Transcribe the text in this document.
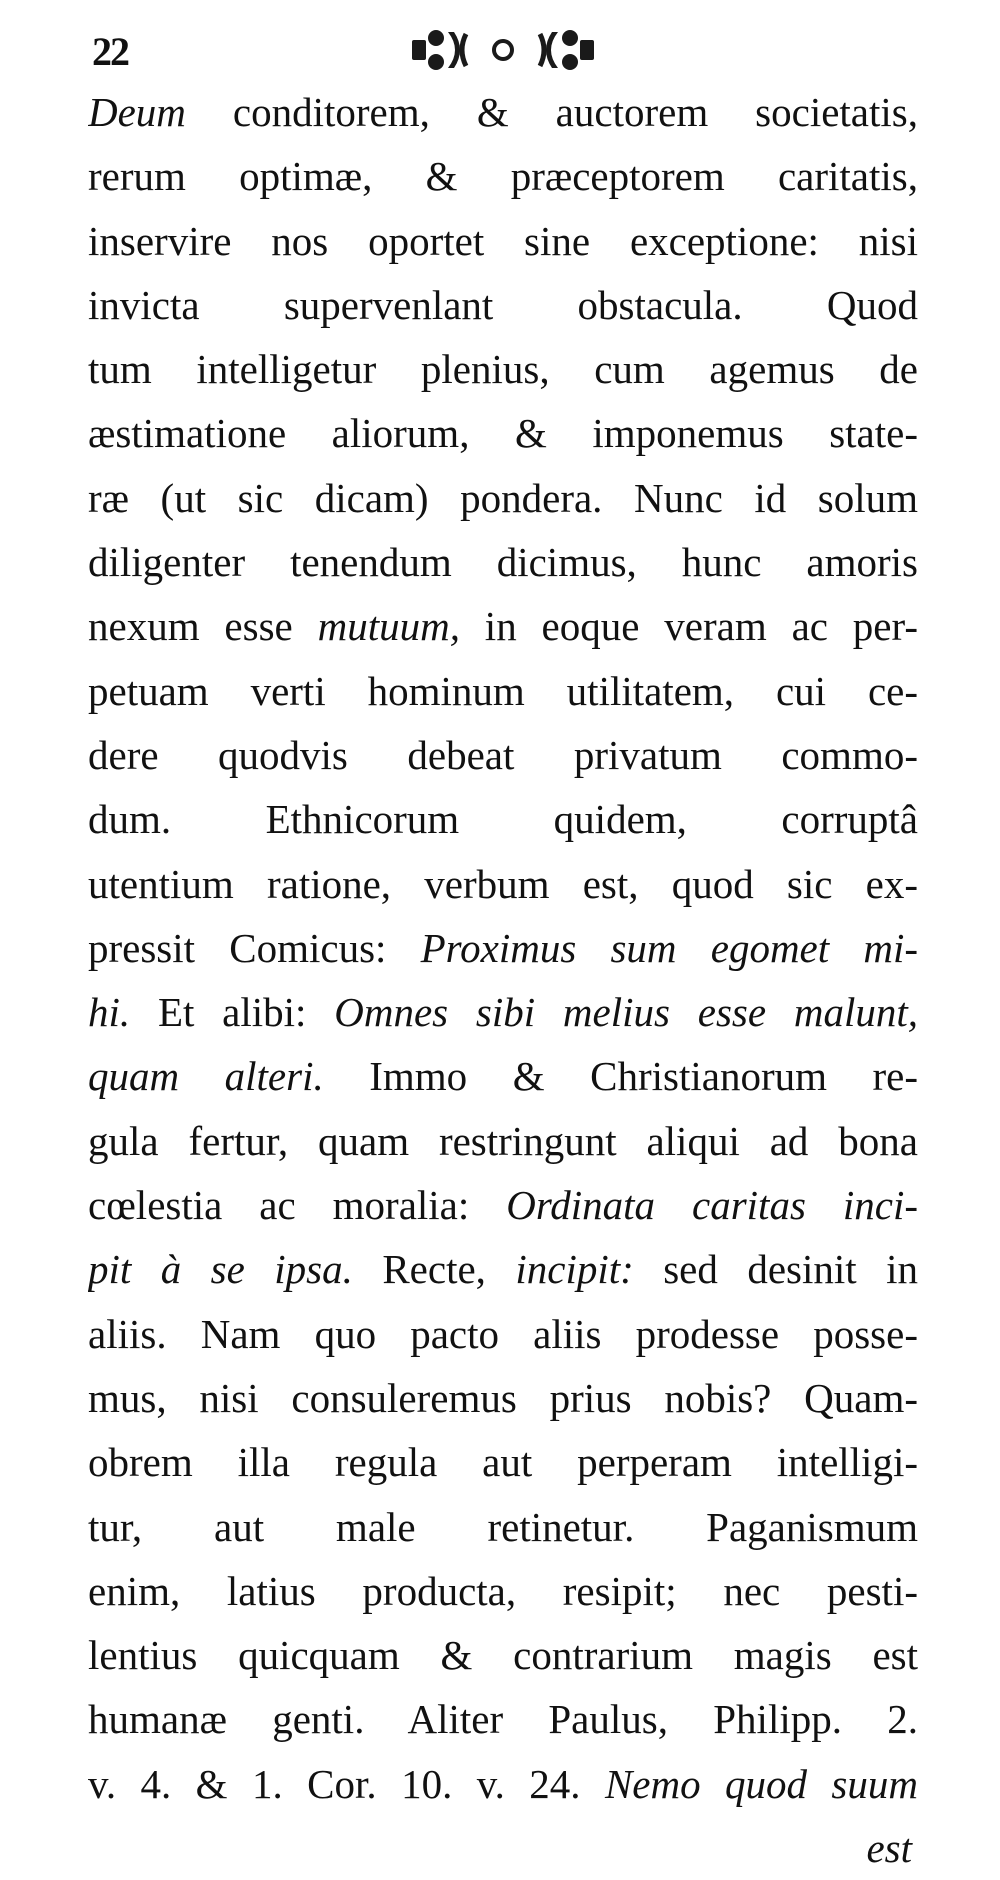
22
Deum conditorem, & auctorem societatis,
rerum optimæ, & præceptorem caritatis,
inservire nos oportet sine exceptione: nisi
invicta supervenlant obstacula. Quod
tum intelligetur plenius, cum agemus de
æstimatione aliorum, & imponemus state-
ræ (ut sic dicam) pondera. Nunc id solum
diligenter tenendum dicimus, hunc amoris
nexum esse mutuum, in eoque veram ac per-
petuam verti hominum utilitatem, cui ce-
dere quodvis debeat privatum commo-
dum. Ethnicorum quidem, corruptâ
utentium ratione, verbum est, quod sic ex-
pressit Comicus: Proximus sum egomet mi-
hi. Et alibi: Omnes sibi melius esse malunt,
quam alteri. Immo & Christianorum re-
gula fertur, quam restringunt aliqui ad bona
cœlestia ac moralia: Ordinata caritas inci-
pit à se ipsa. Recte, incipit: sed desinit in
aliis. Nam quo pacto aliis prodesse posse-
mus, nisi consuleremus prius nobis? Quam-
obrem illa regula aut perperam intelligi-
tur, aut male retinetur. Paganismum
enim, latius producta, resipit; nec pesti-
lentius quicquam & contrarium magis est
humanæ genti. Aliter Paulus, Philipp. 2.
v. 4. & 1. Cor. 10. v. 24. Nemo quod suum
est
